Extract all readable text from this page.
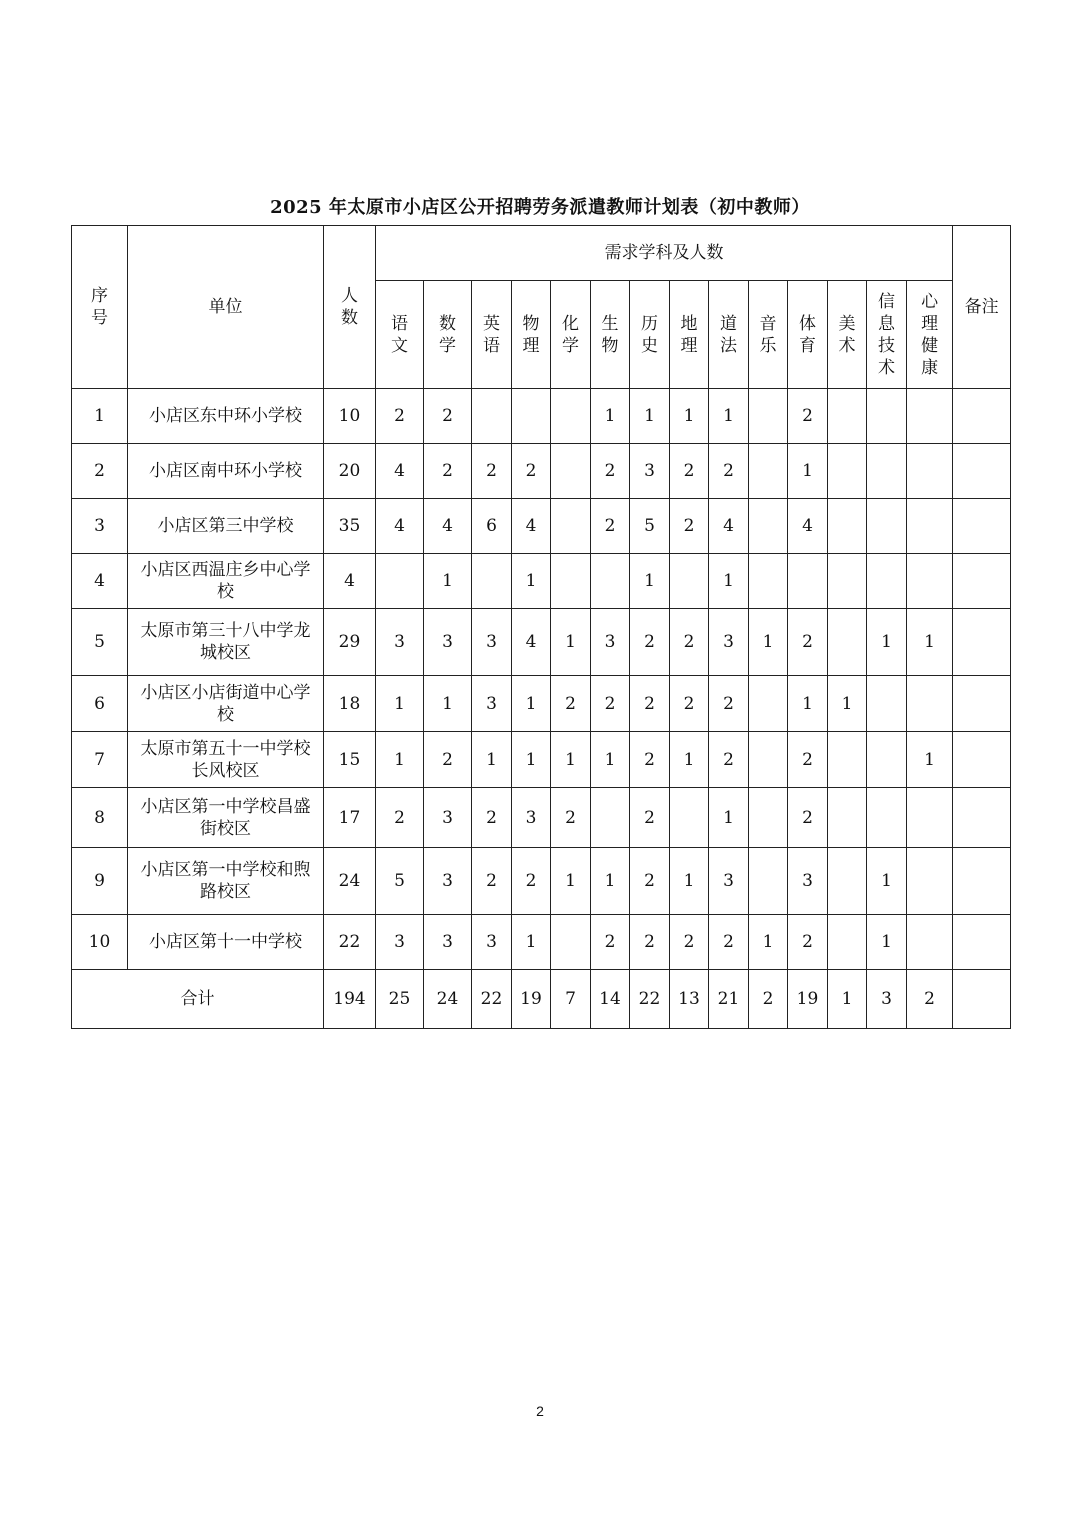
2025 年太原市小店区公开招聘劳务派遣教师计划表（初中教师）
序号	单位	人数	需求学科及人数														备注
			语文	数学	英语	物理	化学	生物	历史	地理	道法	音乐	体育	美术	信息技术	心理健康	
1	小店区东中环小学校	10	2	2				1	1	1	1		2				
2	小店区南中环小学校	20	4	2	2	2		2	3	2	2		1				
3	小店区第三中学校	35	4	4	6	4		2	5	2	4		4				
4	小店区西温庄乡中心学校	4		1		1			1		1						
5	太原市第三十八中学龙城校区	29	3	3	3	4	1	3	2	2	3	1	2		1	1	
6	小店区小店街道中心学校	18	1	1	3	1	2	2	2	2	2		1	1			
7	太原市第五十一中学校长风校区	15	1	2	1	1	1	1	2	1	2		2			1	
8	小店区第一中学校昌盛街校区	17	2	3	2	3	2		2		1		2				
9	小店区第一中学校和煦路校区	24	5	3	2	2	1	1	2	1	3		3		1		
10	小店区第十一中学校	22	3	3	3	1		2	2	2	2	1	2		1		
合计		194	25	24	22	19	7	14	22	13	21	2	19	1	3	2	
2
